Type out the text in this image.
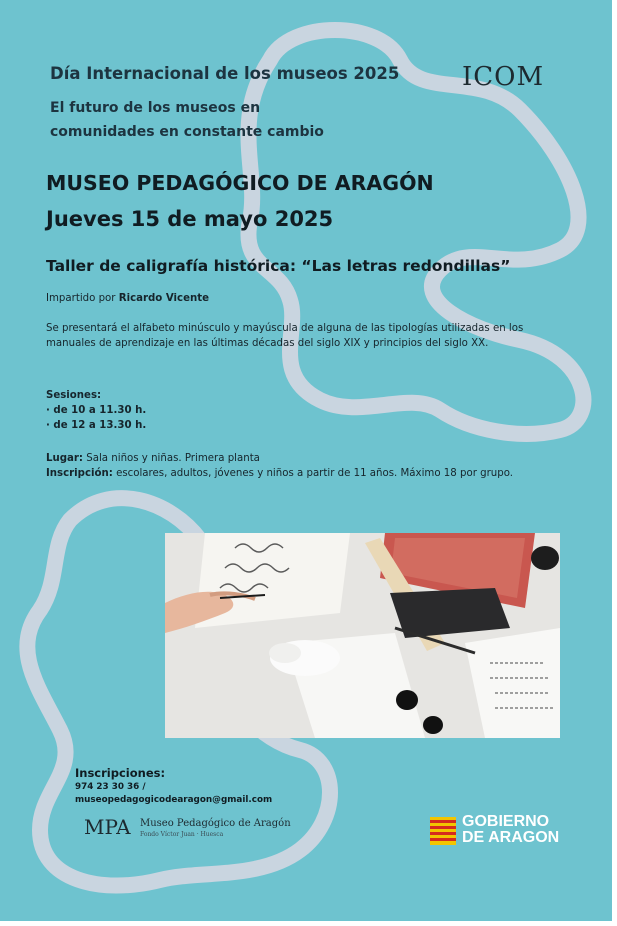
Día Internacional de los museos 2025
El futuro de los museos en
comunidades en constante cambio
ICOM
MUSEO PEDAGÓGICO DE ARAGÓN
Jueves 15 de mayo 2025
Taller de caligrafía histórica: “Las letras redondillas”
Impartido por Ricardo Vicente
Se presentará el alfabeto minúsculo y mayúscula de alguna de las tipologías utilizadas en los manuales de aprendizaje en las últimas décadas del siglo XIX y principios del siglo XX.
Sesiones:
· de 10 a 11.30 h.
· de 12 a 13.30 h.
Lugar: Sala niños y niñas. Primera planta
Inscripción: escolares, adultos, jóvenes y niños a partir de 11 años. Máximo 18 por grupo.
Inscripciones:
974 23 30 36 /
museopedagogicodearagon@gmail.com
MPA Museo Pedagógico de Aragón
Fondo Víctor Juan · Huesca
GOBIERNO
DE ARAGON
